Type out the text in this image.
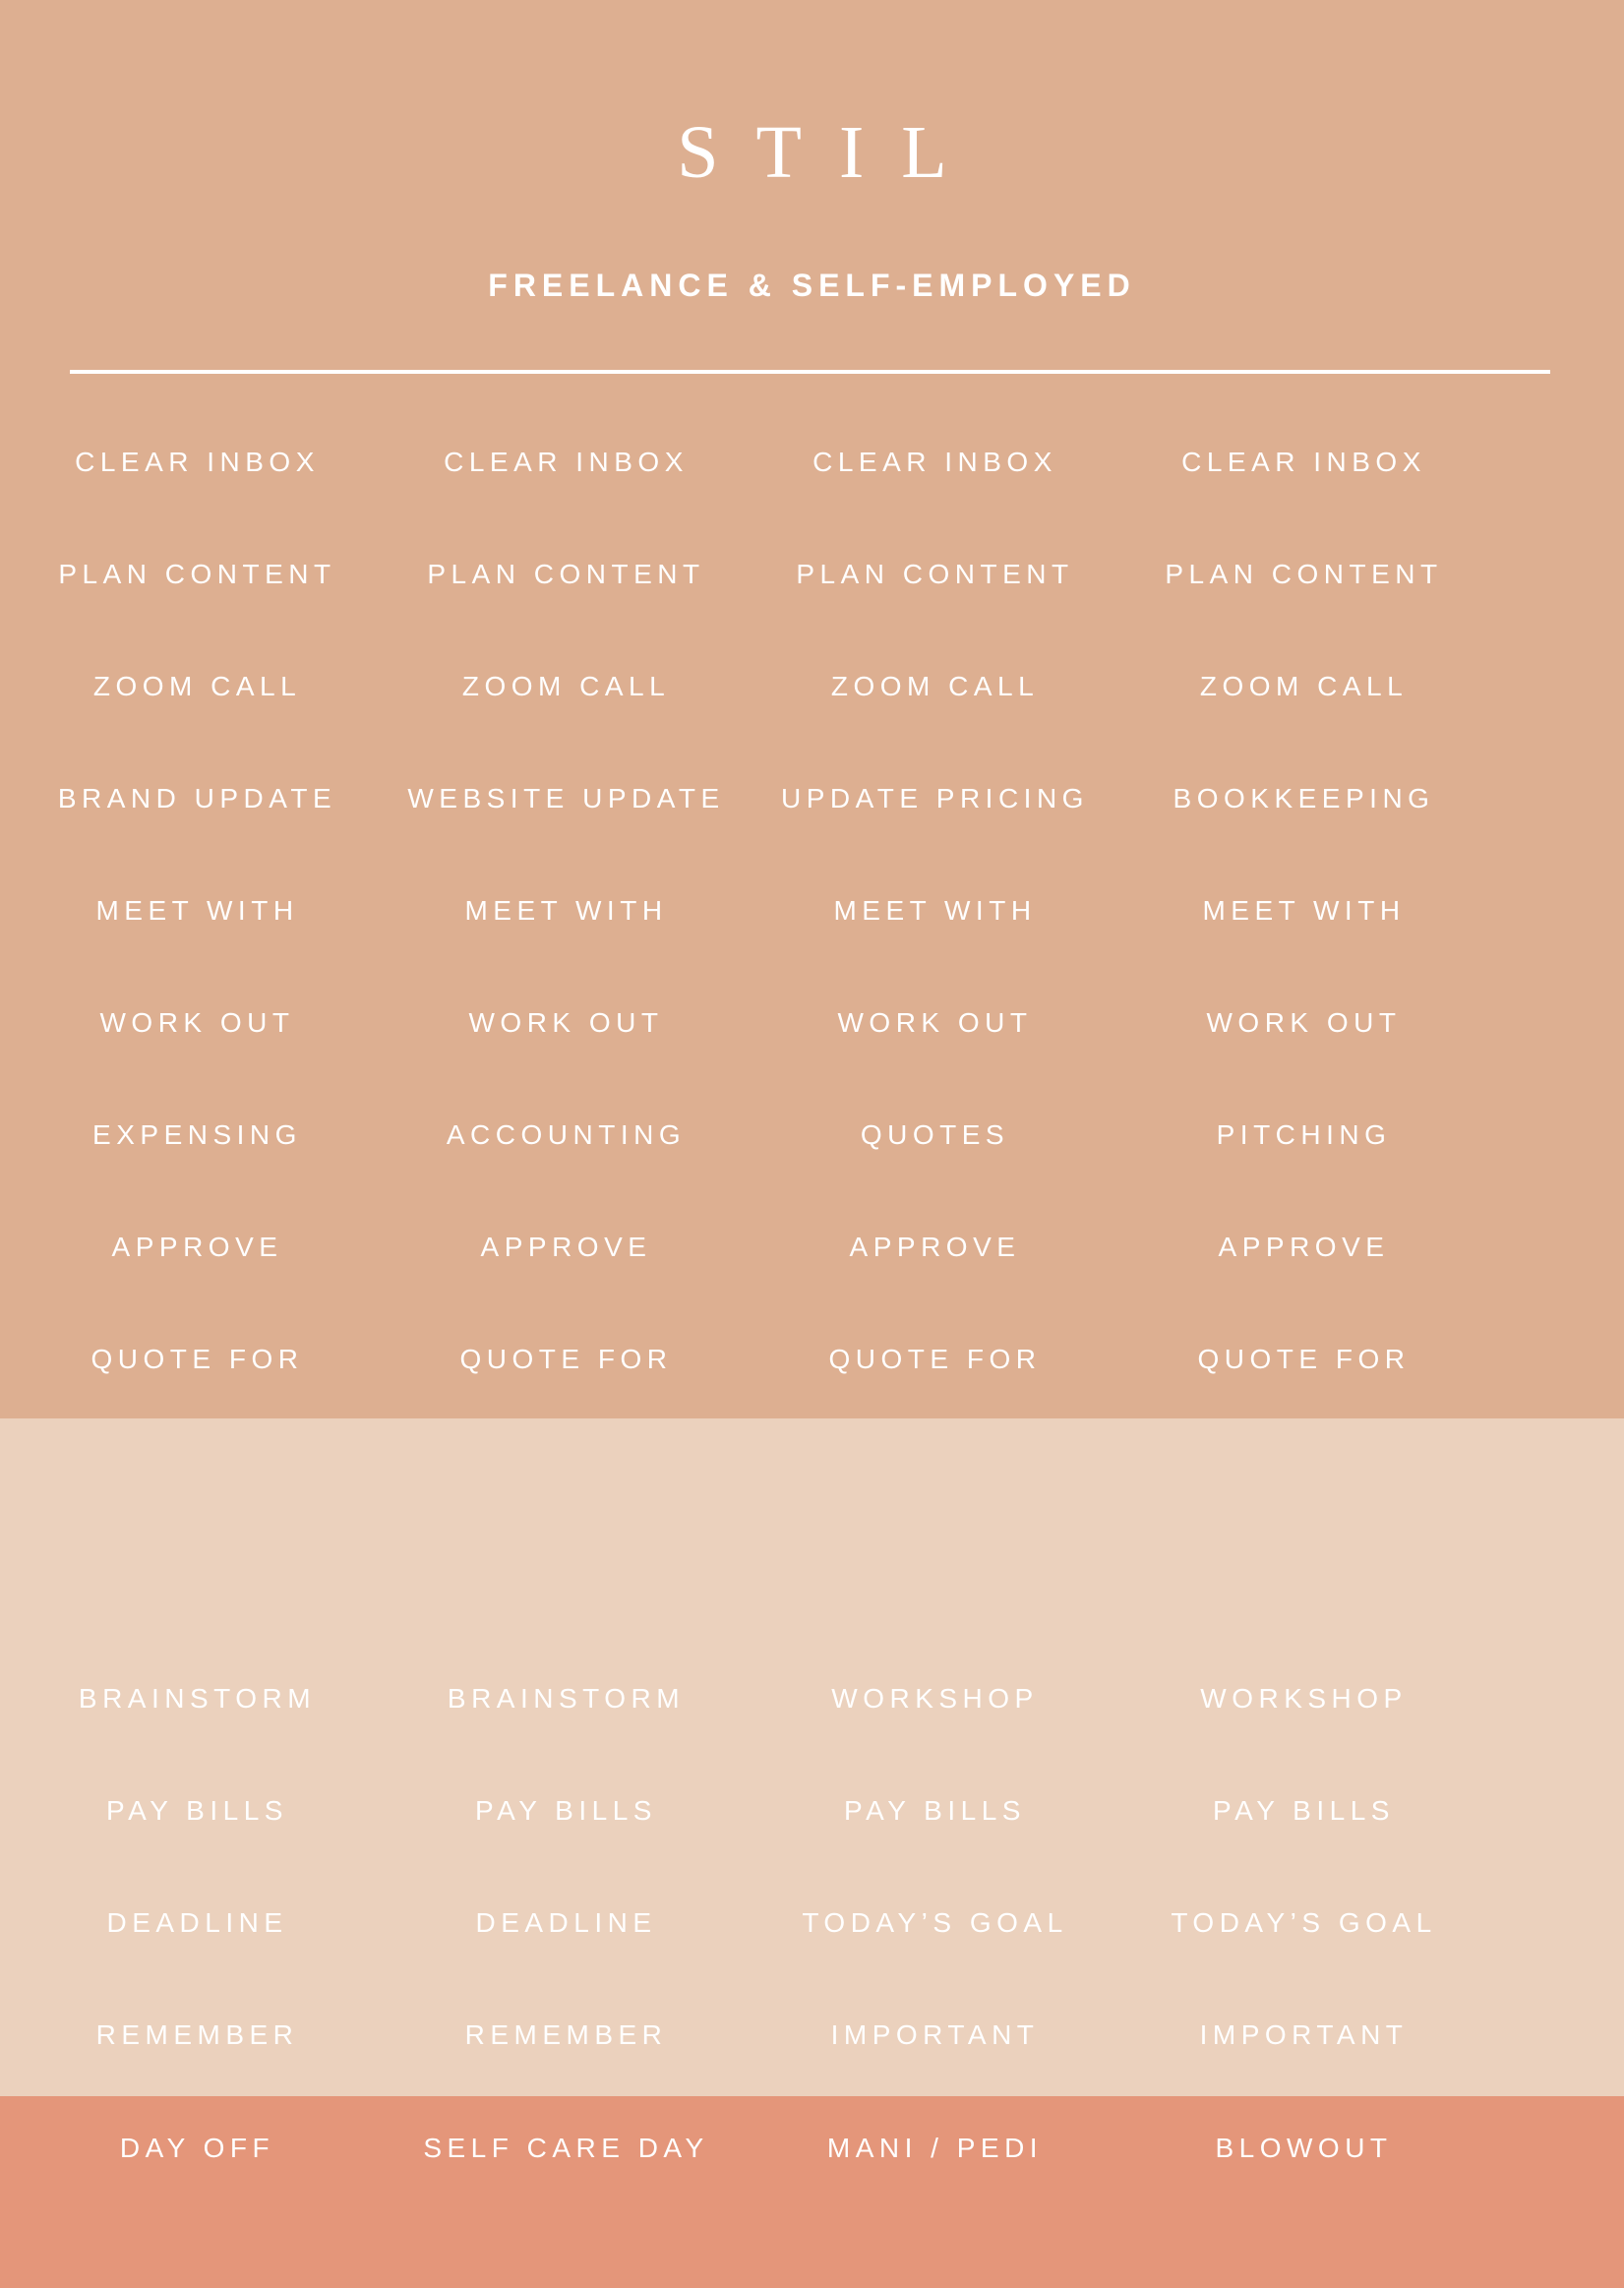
STIL
FREELANCE & SELF-EMPLOYED
CLEAR INBOX	CLEAR INBOX	CLEAR INBOX	CLEAR INBOX
PLAN CONTENT	PLAN CONTENT	PLAN CONTENT	PLAN CONTENT
ZOOM CALL	ZOOM CALL	ZOOM CALL	ZOOM CALL
BRAND UPDATE	WEBSITE UPDATE	UPDATE PRICING	BOOKKEEPING
MEET WITH	MEET WITH	MEET WITH	MEET WITH
WORK OUT	WORK OUT	WORK OUT	WORK OUT
EXPENSING	ACCOUNTING	QUOTES	PITCHING
APPROVE	APPROVE	APPROVE	APPROVE
QUOTE FOR	QUOTE FOR	QUOTE FOR	QUOTE FOR
BRAINSTORM	BRAINSTORM	WORKSHOP	WORKSHOP
PAY BILLS	PAY BILLS	PAY BILLS	PAY BILLS
DEADLINE	DEADLINE	TODAY’S GOAL	TODAY’S GOAL
REMEMBER	REMEMBER	IMPORTANT	IMPORTANT
DAY OFF	SELF CARE DAY	MANI / PEDI	BLOWOUT
